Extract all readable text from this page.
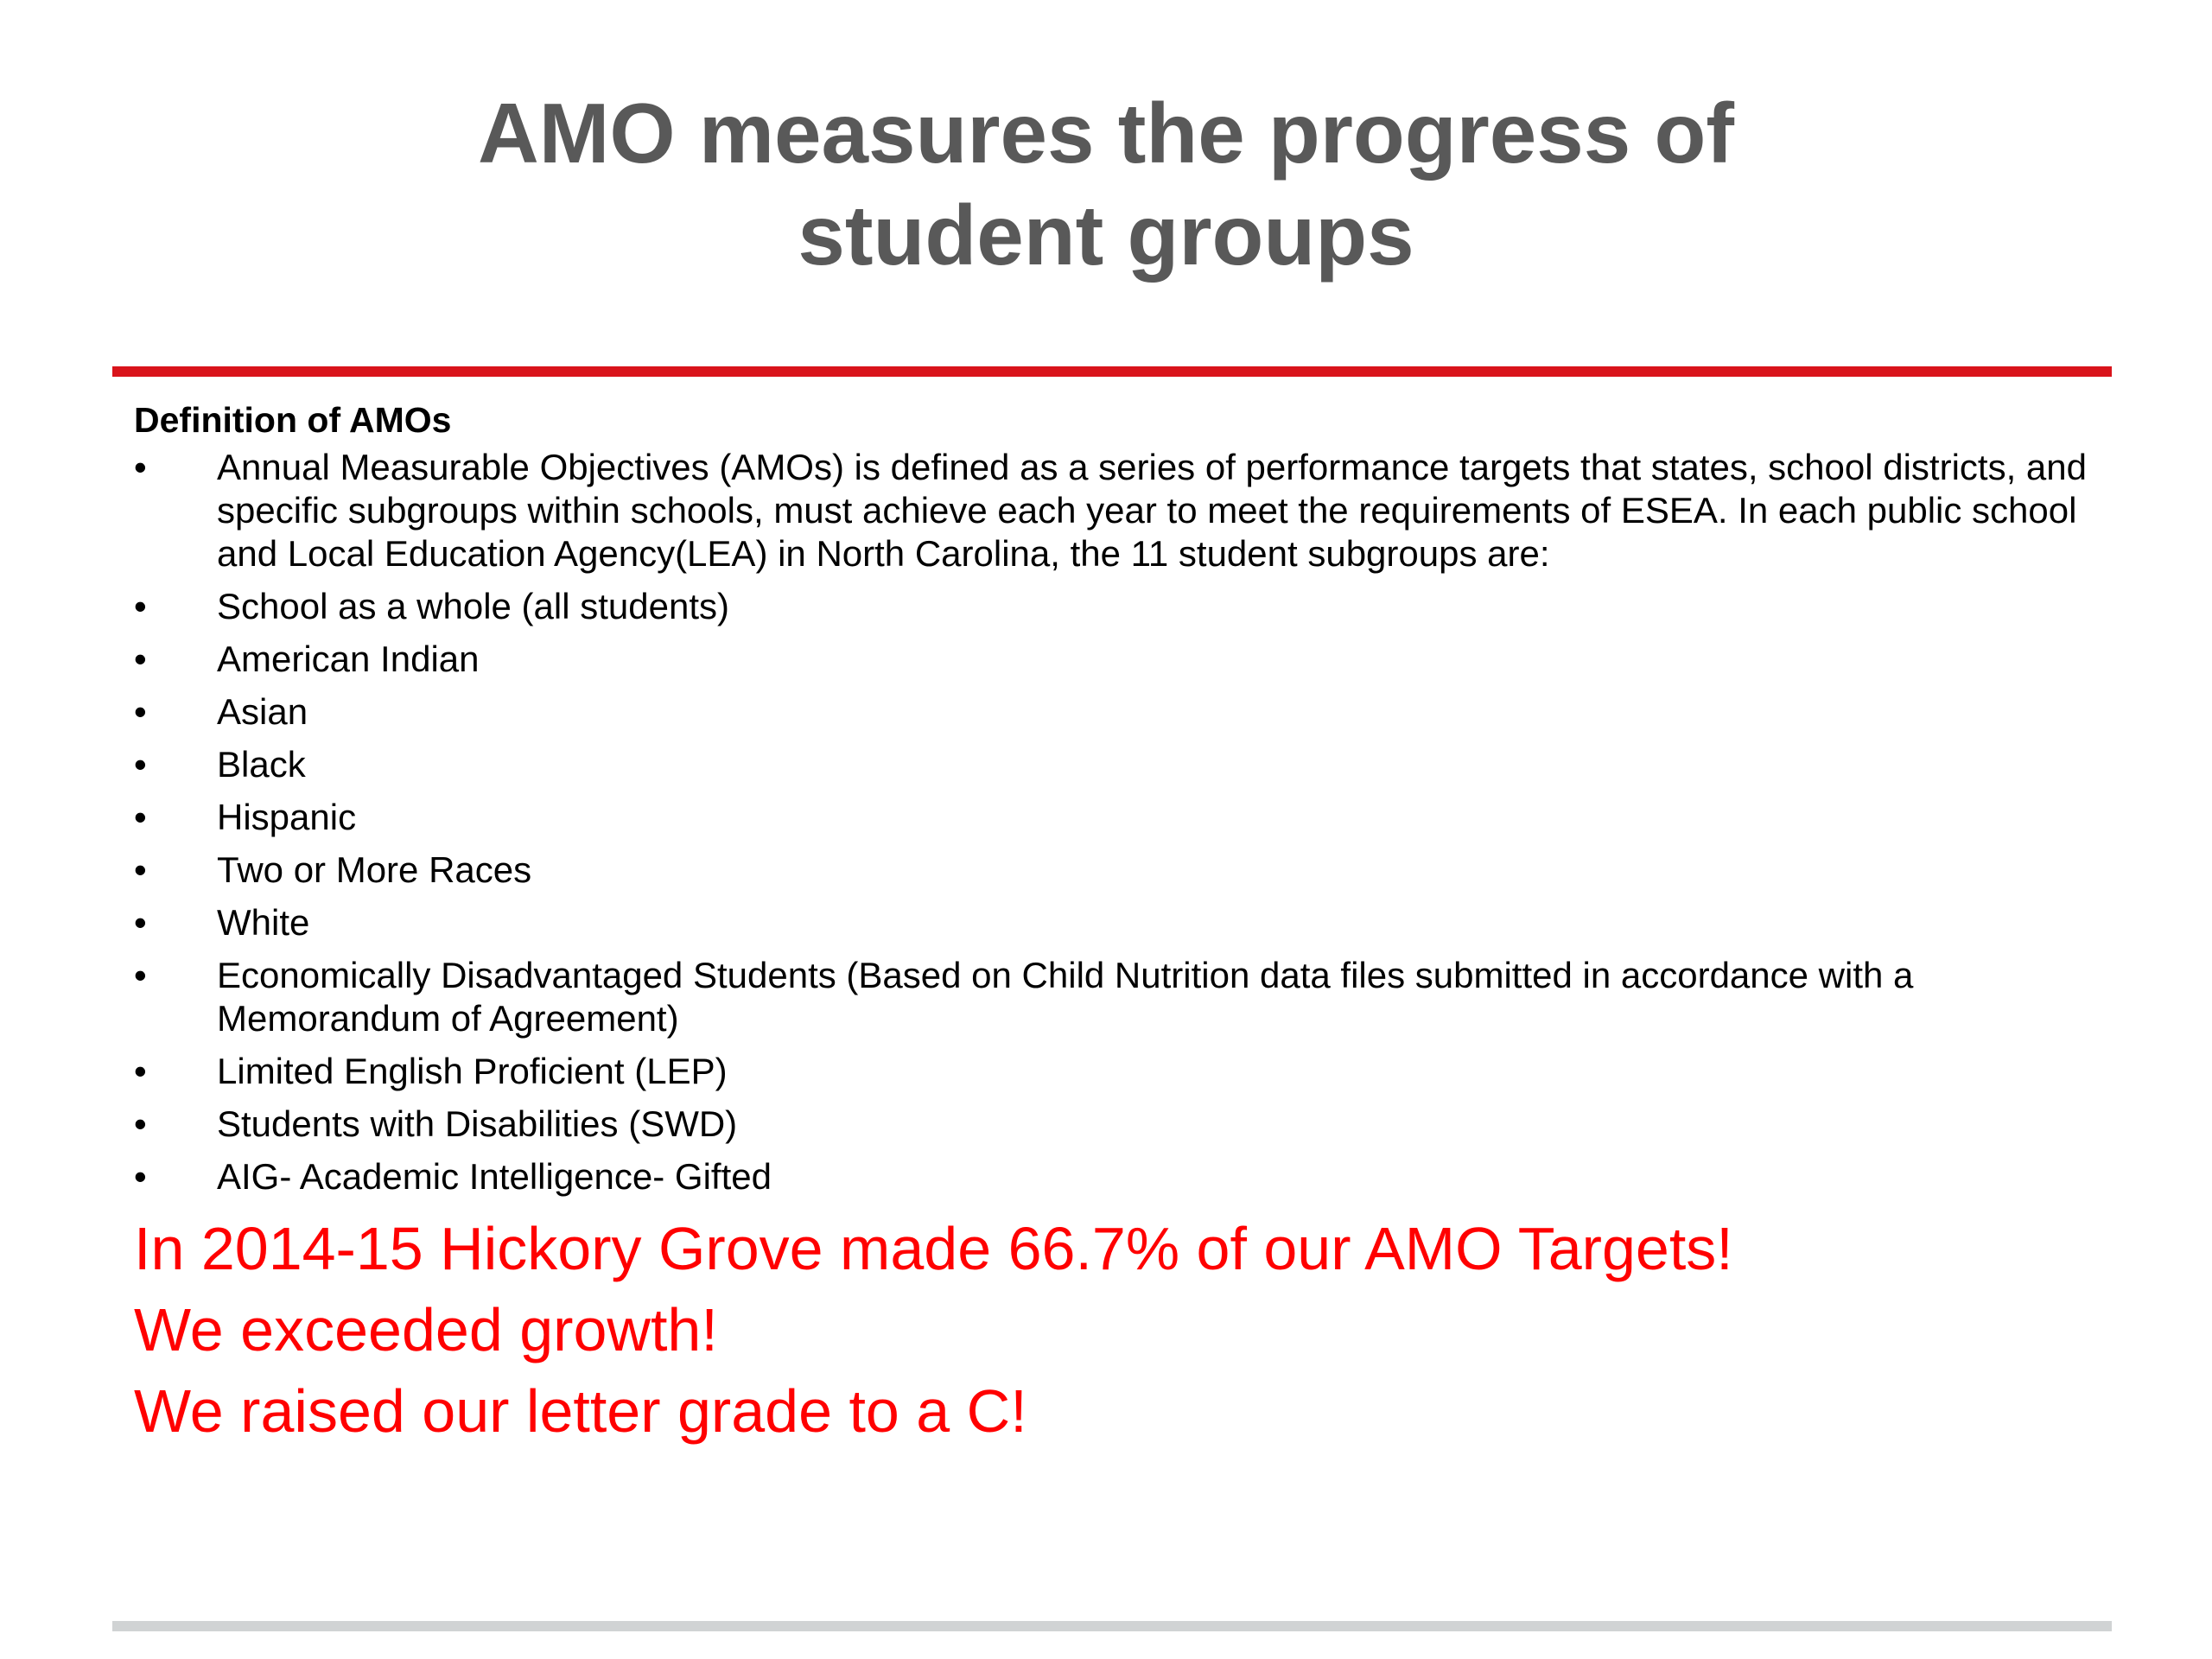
AMO measures the progress of
student groups

Definition of AMOs

•	Annual Measurable Objectives (AMOs) is defined as a series of performance targets that states, school districts, and specific subgroups within schools, must achieve each year to meet the requirements of ESEA. In each public school and Local Education Agency(LEA) in North Carolina, the 11 student subgroups are:
•	School as a whole (all students)
•	American Indian
•	Asian
•	Black
•	Hispanic
•	Two or More Races
•	White
•	Economically Disadvantaged Students (Based on Child Nutrition data files submitted in accordance with a Memorandum of Agreement)
•	Limited English Proficient (LEP)
•	Students with Disabilities (SWD)
•	AIG- Academic Intelligence- Gifted

In 2014-15 Hickory Grove made 66.7% of our AMO Targets!

We exceeded growth!

We raised our letter grade to a C!
